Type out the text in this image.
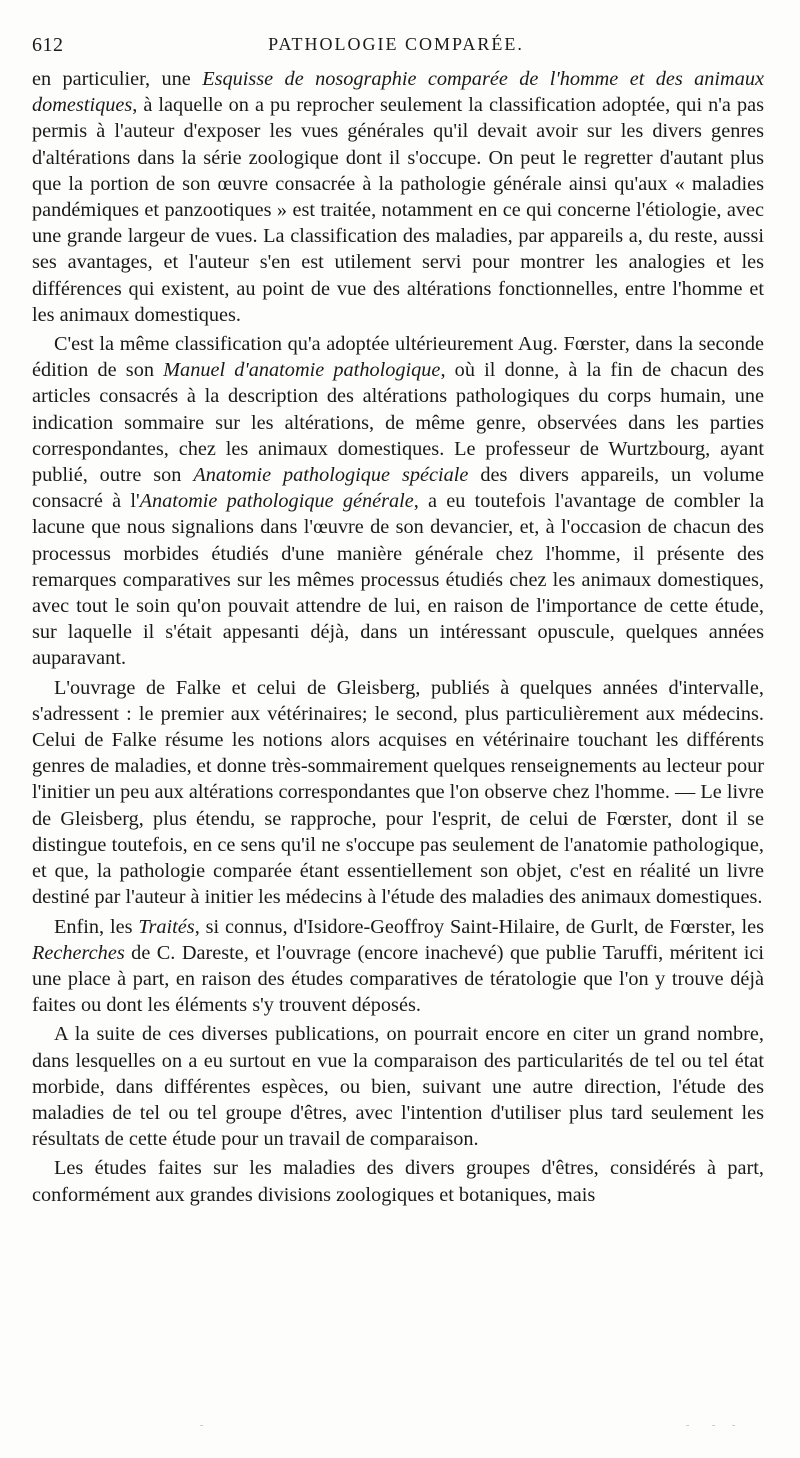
612	PATHOLOGIE COMPARÉE.

en particulier, une Esquisse de nosographie comparée de l'homme et des animaux domestiques, à laquelle on a pu reprocher seulement la classification adoptée, qui n'a pas permis à l'auteur d'exposer les vues générales qu'il devait avoir sur les divers genres d'altérations dans la série zoologique dont il s'occupe. On peut le regretter d'autant plus que la portion de son œuvre consacrée à la pathologie générale ainsi qu'aux « maladies pandémiques et panzootiques » est traitée, notamment en ce qui concerne l'étiologie, avec une grande largeur de vues. La classification des maladies, par appareils a, du reste, aussi ses avantages, et l'auteur s'en est utilement servi pour montrer les analogies et les différences qui existent, au point de vue des altérations fonctionnelles, entre l'homme et les animaux domestiques.

C'est la même classification qu'a adoptée ultérieurement Aug. Fœrster, dans la seconde édition de son Manuel d'anatomie pathologique, où il donne, à la fin de chacun des articles consacrés à la description des altérations pathologiques du corps humain, une indication sommaire sur les altérations, de même genre, observées dans les parties correspondantes, chez les animaux domestiques. Le professeur de Wurtzbourg, ayant publié, outre son Anatomie pathologique spéciale des divers appareils, un volume consacré à l'Anatomie pathologique générale, a eu toutefois l'avantage de combler la lacune que nous signalions dans l'œuvre de son devancier, et, à l'occasion de chacun des processus morbides étudiés d'une manière générale chez l'homme, il présente des remarques comparatives sur les mêmes processus étudiés chez les animaux domestiques, avec tout le soin qu'on pouvait attendre de lui, en raison de l'importance de cette étude, sur laquelle il s'était appesanti déjà, dans un intéressant opuscule, quelques années auparavant.

L'ouvrage de Falke et celui de Gleisberg, publiés à quelques années d'intervalle, s'adressent : le premier aux vétérinaires; le second, plus particulièrement aux médecins. Celui de Falke résume les notions alors acquises en vétérinaire touchant les différents genres de maladies, et donne très-sommairement quelques renseignements au lecteur pour l'initier un peu aux altérations correspondantes que l'on observe chez l'homme. — Le livre de Gleisberg, plus étendu, se rapproche, pour l'esprit, de celui de Fœrster, dont il se distingue toutefois, en ce sens qu'il ne s'occupe pas seulement de l'anatomie pathologique, et que, la pathologie comparée étant essentiellement son objet, c'est en réalité un livre destiné par l'auteur à initier les médecins à l'étude des maladies des animaux domestiques.

Enfin, les Traités, si connus, d'Isidore-Geoffroy Saint-Hilaire, de Gurlt, de Fœrster, les Recherches de C. Dareste, et l'ouvrage (encore inachevé) que publie Taruffi, méritent ici une place à part, en raison des études comparatives de tératologie que l'on y trouve déjà faites ou dont les éléments s'y trouvent déposés.

A la suite de ces diverses publications, on pourrait encore en citer un grand nombre, dans lesquelles on a eu surtout en vue la comparaison des particularités de tel ou tel état morbide, dans différentes espèces, ou bien, suivant une autre direction, l'étude des maladies de tel ou tel groupe d'êtres, avec l'intention d'utiliser plus tard seulement les résultats de cette étude pour un travail de comparaison.

Les études faites sur les maladies des divers groupes d'êtres, considérés à part, conformément aux grandes divisions zoologiques et botaniques, mais

-	- - -
